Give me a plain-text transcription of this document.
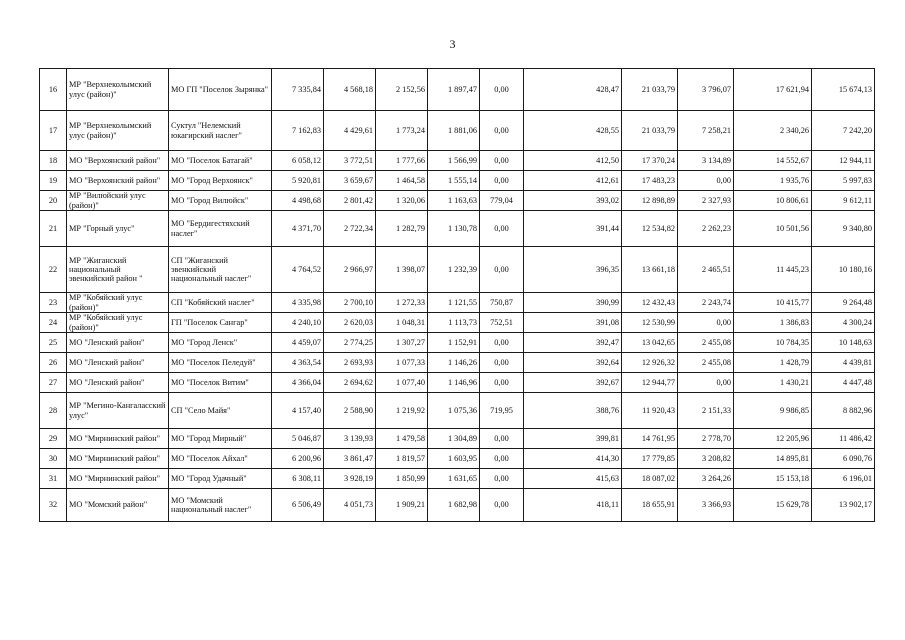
3
16	МР "Верхнеколымский улус (район)"	МО ГП "Поселок Зырянка"	7 335,84	4 568,18	2 152,56	1 897,47	0,00	428,47	21 033,79	3 796,07	17 621,94	15 674,13
17	МР "Верхнеколымский улус (район)"	Суктул "Нелемский юкагирский наслег"	7 162,83	4 429,61	1 773,24	1 881,06	0,00	428,55	21 033,79	7 258,21	2 340,26	7 242,20
18	МО "Верхоянский район"	МО "Поселок Батагай"	6 058,12	3 772,51	1 777,66	1 566,99	0,00	412,50	17 370,24	3 134,89	14 552,67	12 944,11
19	МО "Верхоянский район"	МО "Город Верхоянск"	5 920,81	3 659,67	1 464,58	1 555,14	0,00	412,61	17 483,23	0,00	1 935,76	5 997,83
20	МР "Вилюйский улус (район)"	МО "Город Вилюйск"	4 498,68	2 801,42	1 320,06	1 163,63	779,04	393,02	12 898,89	2 327,93	10 806,61	9 612,11
21	МР "Горный улус"	МО "Бердигестяхский наслег"	4 371,70	2 722,34	1 282,79	1 130,78	0,00	391,44	12 534,82	2 262,23	10 501,56	9 340,80
22	МР "Жиганский национальный эвенкийский район "	СП "Жиганский эвенкийский национальный наслег"	4 764,52	2 966,97	1 398,07	1 232,39	0,00	396,35	13 661,18	2 465,51	11 445,23	10 180,16
23	МР "Кобяйский улус (район)"	СП "Кобяйский наслег"	4 335,98	2 700,10	1 272,33	1 121,55	750,87	390,99	12 432,43	2 243,74	10 415,77	9 264,48
24	МР "Кобяйский улус (район)"	ГП "Поселок Сангар"	4 240,10	2 620,03	1 048,31	1 113,73	752,51	391,08	12 530,99	0,00	1 386,83	4 300,24
25	МО "Ленский район"	МО "Город Ленск"	4 459,07	2 774,25	1 307,27	1 152,91	0,00	392,47	13 042,65	2 455,08	10 784,35	10 148,63
26	МО "Ленский район"	МО "Поселок Пеледуй"	4 363,54	2 693,93	1 077,33	1 146,26	0,00	392,64	12 926,32	2 455,08	1 428,79	4 439,81
27	МО "Ленский район"	МО "Поселок Витим"	4 366,04	2 694,62	1 077,40	1 146,96	0,00	392,67	12 944,77	0,00	1 430,21	4 447,48
28	МР "Мегино-Кангаласский улус"	СП "Село Майя"	4 157,40	2 588,90	1 219,92	1 075,36	719,95	388,76	11 920,43	2 151,33	9 986,85	8 882,96
29	МО "Мирнинский район"	МО "Город Мирный"	5 046,87	3 139,93	1 479,58	1 304,89	0,00	399,81	14 761,95	2 778,70	12 205,96	11 486,42
30	МО "Мирнинский район"	МО "Поселок Айхал"	6 200,96	3 861,47	1 819,57	1 603,95	0,00	414,30	17 779,85	3 208,82	14 895,81	6 090,76
31	МО "Мирнинский район"	МО "Город Удачный"	6 308,11	3 928,19	1 850,99	1 631,65	0,00	415,63	18 087,02	3 264,26	15 153,18	6 196,01
32	МО "Момский район"	МО "Момский национальный наслег"	6 506,49	4 051,73	1 909,21	1 682,98	0,00	418,11	18 655,91	3 366,93	15 629,78	13 902,17
